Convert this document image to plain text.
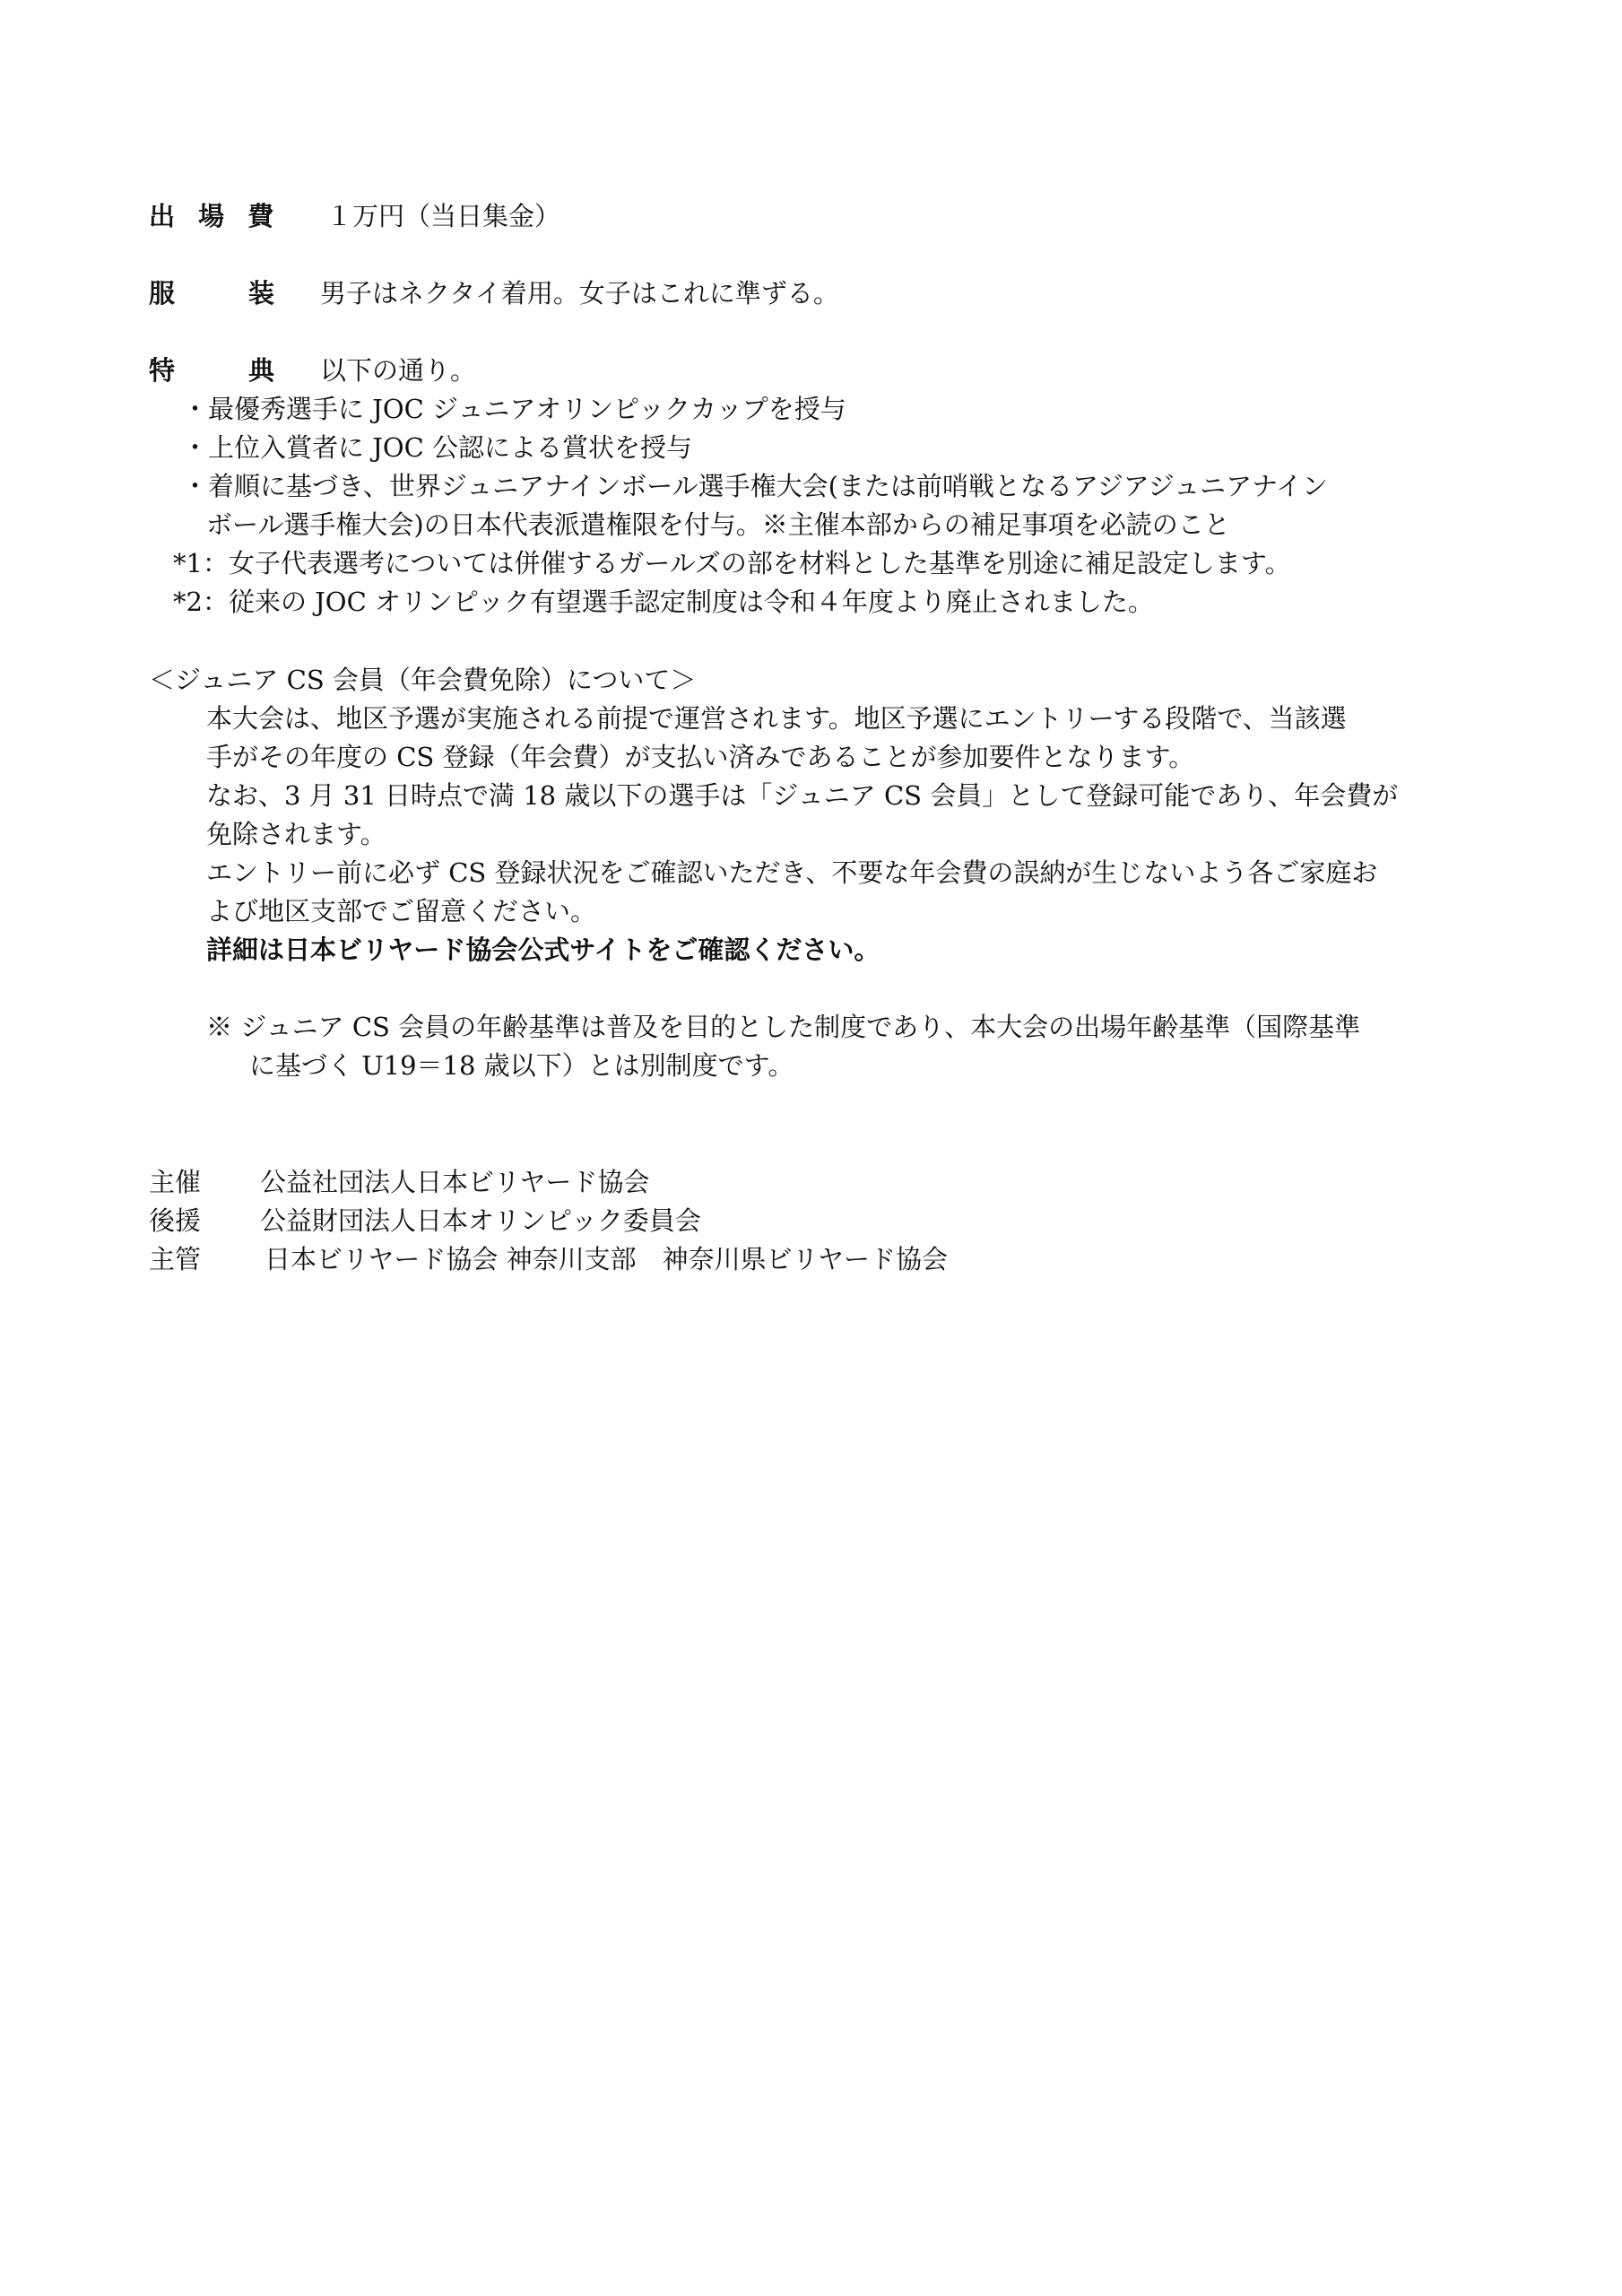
出 場 費 １万円（当日集金）
服　　装 男子はネクタイ着用。女子はこれに準ずる。
特　　典 以下の通り。
・最優秀選手に JOC ジュニアオリンピックカップを授与
・上位入賞者に JOC 公認による賞状を授与
・着順に基づき、世界ジュニアナインボール選手権大会(または前哨戦となるアジアジュニアナイン
ボール選手権大会)の日本代表派遣権限を付与。※主催本部からの補足事項を必読のこと
*1：女子代表選考については併催するガールズの部を材料とした基準を別途に補足設定します。
*2：従来の JOC オリンピック有望選手認定制度は令和４年度より廃止されました。
＜ジュニア CS 会員（年会費免除）について＞
本大会は、地区予選が実施される前提で運営されます。地区予選にエントリーする段階で、当該選
手がその年度の CS 登録（年会費）が支払い済みであることが参加要件となります。
なお、3 月 31 日時点で満 18 歳以下の選手は「ジュニア CS 会員」として登録可能であり、年会費が
免除されます。
エントリー前に必ず CS 登録状況をご確認いただき、不要な年会費の誤納が生じないよう各ご家庭お
よび地区支部でご留意ください。
詳細は日本ビリヤード協会公式サイトをご確認ください。
※ ジュニア CS 会員の年齢基準は普及を目的とした制度であり、本大会の出場年齢基準（国際基準
に基づく U19＝18 歳以下）とは別制度です。
主催 公益社団法人日本ビリヤード協会
後援 公益財団法人日本オリンピック委員会
主管 日本ビリヤード協会 神奈川支部　神奈川県ビリヤード協会
